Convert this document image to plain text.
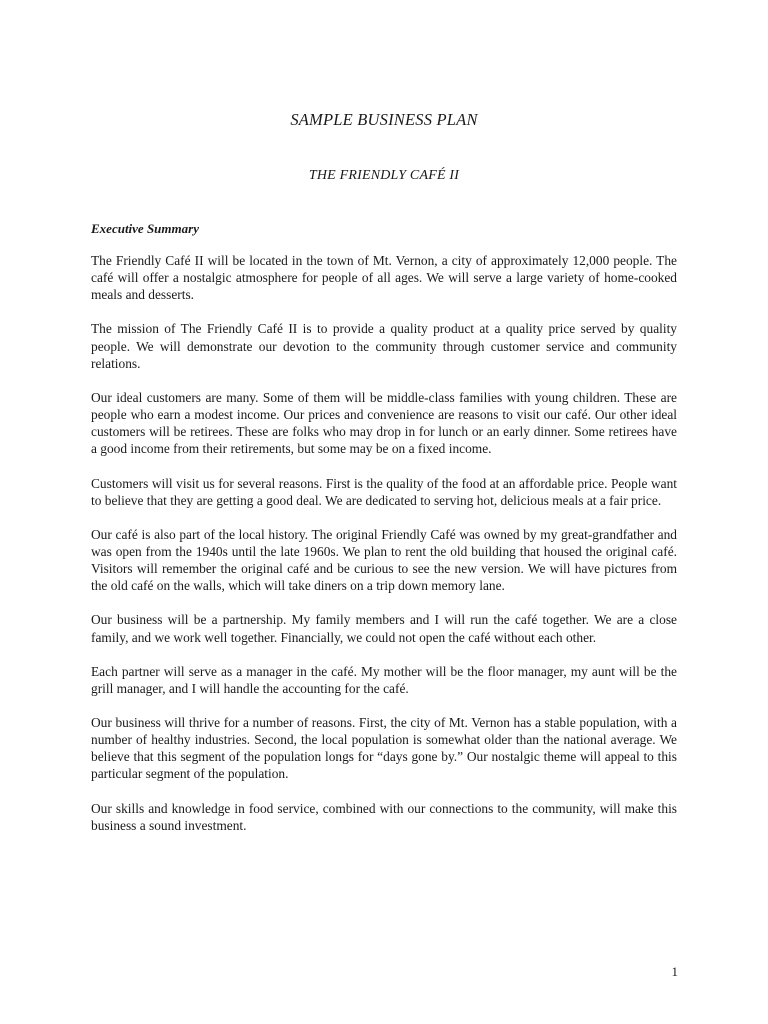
SAMPLE BUSINESS PLAN
THE FRIENDLY CAFÉ II
Executive Summary

The Friendly Café II will be located in the town of Mt. Vernon, a city of approximately 12,000 people. The café will offer a nostalgic atmosphere for people of all ages. We will serve a large variety of home-cooked meals and desserts.

The mission of The Friendly Café II is to provide a quality product at a quality price served by quality people. We will demonstrate our devotion to the community through customer service and community relations.

Our ideal customers are many. Some of them will be middle-class families with young children. These are people who earn a modest income. Our prices and convenience are reasons to visit our café. Our other ideal customers will be retirees. These are folks who may drop in for lunch or an early dinner. Some retirees have a good income from their retirements, but some may be on a fixed income.

Customers will visit us for several reasons. First is the quality of the food at an affordable price. People want to believe that they are getting a good deal. We are dedicated to serving hot, delicious meals at a fair price.

Our café is also part of the local history. The original Friendly Café was owned by my great-grandfather and was open from the 1940s until the late 1960s. We plan to rent the old building that housed the original café. Visitors will remember the original café and be curious to see the new version. We will have pictures from the old café on the walls, which will take diners on a trip down memory lane.

Our business will be a partnership. My family members and I will run the café together. We are a close family, and we work well together. Financially, we could not open the café without each other.

Each partner will serve as a manager in the café. My mother will be the floor manager, my aunt will be the grill manager, and I will handle the accounting for the café.

Our business will thrive for a number of reasons. First, the city of Mt. Vernon has a stable population, with a number of healthy industries. Second, the local population is somewhat older than the national average. We believe that this segment of the population longs for “days gone by.” Our nostalgic theme will appeal to this particular segment of the population.

Our skills and knowledge in food service, combined with our connections to the community, will make this business a sound investment.

1
